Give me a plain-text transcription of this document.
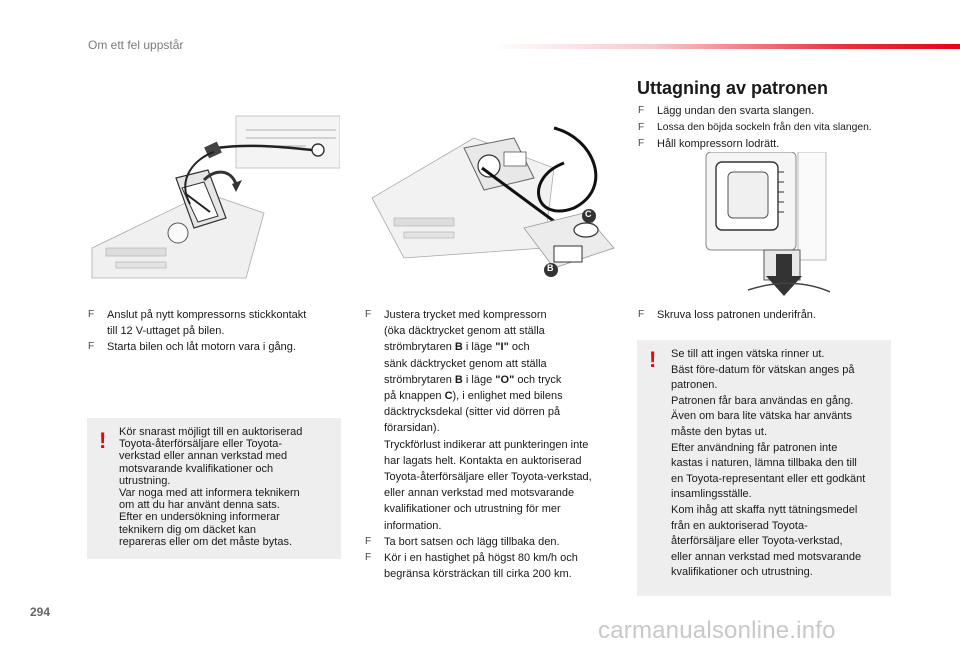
Om ett fel uppstår
C
B
F Anslut på nytt kompressorns stickkontakt
till 12 V-uttaget på bilen.
F Starta bilen och låt motorn vara i gång.
! Kör snarast möjligt till en auktoriserad
Toyota-återförsäljare eller Toyota-
verkstad eller annan verkstad med
motsvarande kvalifikationer och
utrustning.
Var noga med att informera teknikern
om att du har använt denna sats.
Efter en undersökning informerar
teknikern dig om däcket kan
repareras eller om det måste bytas.
F Justera trycket med kompressorn
(öka däcktrycket genom att ställa
strömbrytaren B i läge "I" och
sänk däcktrycket genom att ställa
strömbrytaren B i läge "O" och tryck
på knappen C), i enlighet med bilens
däcktrycksdekal (sitter vid dörren på
förarsidan).
Tryckförlust indikerar att punkteringen inte
har lagats helt. Kontakta en auktoriserad
Toyota-återförsäljare eller Toyota-verkstad,
eller annan verkstad med motsvarande
kvalifikationer och utrustning för mer
information.
F Ta bort satsen och lägg tillbaka den.
F Kör i en hastighet på högst 80 km/h och
begränsa körsträckan till cirka 200 km.
Uttagning av patronen
F Lägg undan den svarta slangen.
F Lossa den böjda sockeln från den vita slangen.
F Håll kompressorn lodrätt.
F Skruva loss patronen underifrån.
! Se till att ingen vätska rinner ut.
Bäst före-datum för vätskan anges på
patronen.
Patronen får bara användas en gång.
Även om bara lite vätska har använts
måste den bytas ut.
Efter användning får patronen inte
kastas i naturen, lämna tillbaka den till
en Toyota-representant eller ett godkänt
insamlingsställe.
Kom ihåg att skaffa nytt tätningsmedel
från en auktoriserad Toyota-
återförsäljare eller Toyota-verkstad,
eller annan verkstad med motsvarande
kvalifikationer och utrustning.
294
carmanualsonline.info
